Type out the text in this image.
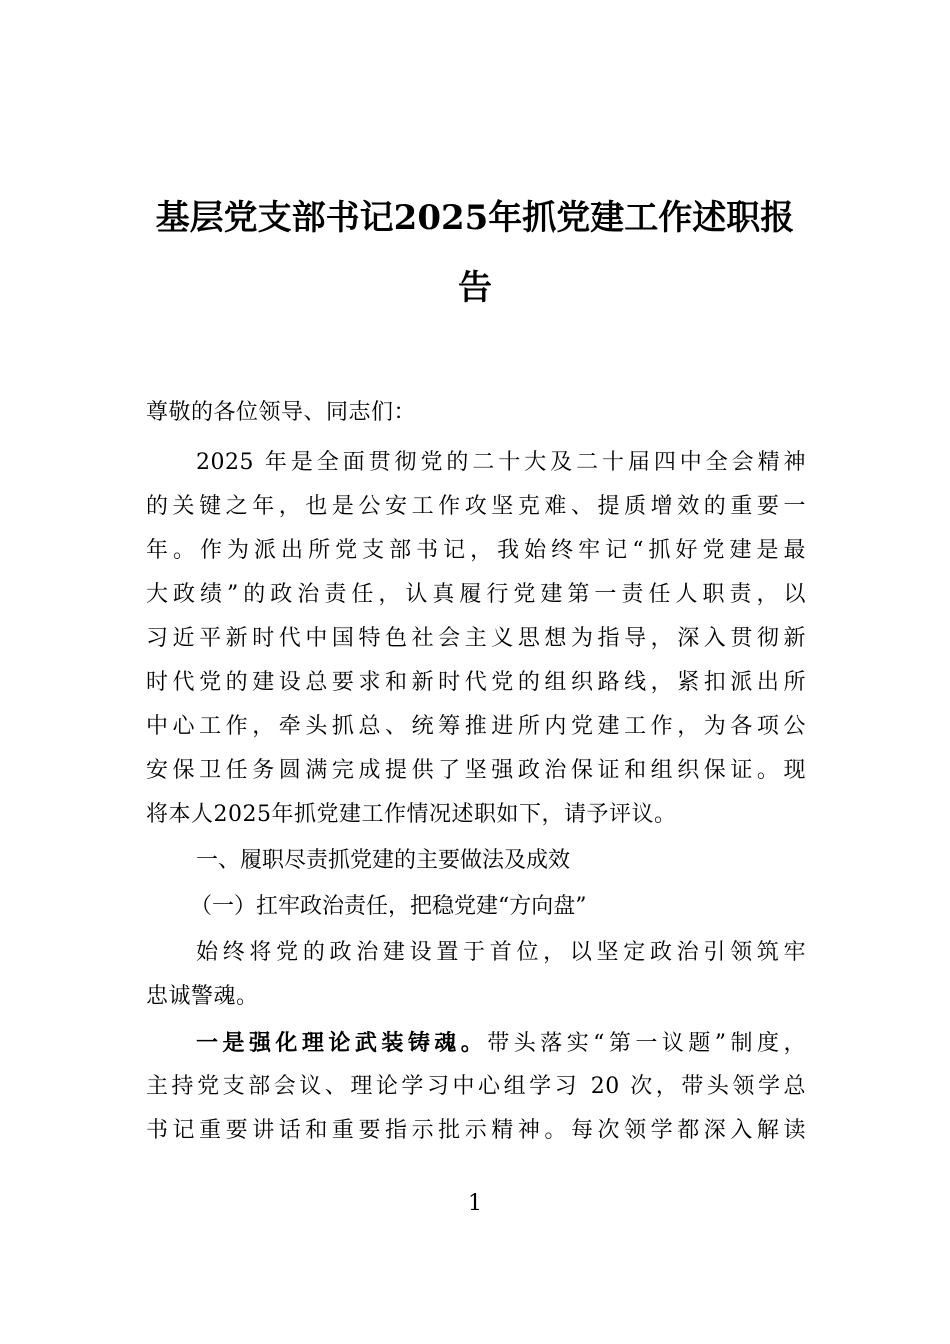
基层党支部书记2025年抓党建工作述职报
告
尊敬的各位领导、同志们：
2025 年是全面贯彻党的二十大及二十届四中全会精神
的关键之年，也是公安工作攻坚克难、提质增效的重要一
年。作为派出所党支部书记，我始终牢记“抓好党建是最
大政绩”的政治责任，认真履行党建第一责任人职责，以
习近平新时代中国特色社会主义思想为指导，深入贯彻新
时代党的建设总要求和新时代党的组织路线，紧扣派出所
中心工作，牵头抓总、统筹推进所内党建工作，为各项公
安保卫任务圆满完成提供了坚强政治保证和组织保证。现
将本人2025年抓党建工作情况述职如下，请予评议。
一、履职尽责抓党建的主要做法及成效
（一）扛牢政治责任，把稳党建“方向盘”
始终将党的政治建设置于首位，以坚定政治引领筑牢
忠诚警魂。
一是强化理论武装铸魂。带头落实“第一议题”制度，
主持党支部会议、理论学习中心组学习 20 次，带头领学总
书记重要讲话和重要指示批示精神。每次领学都深入解读
1
